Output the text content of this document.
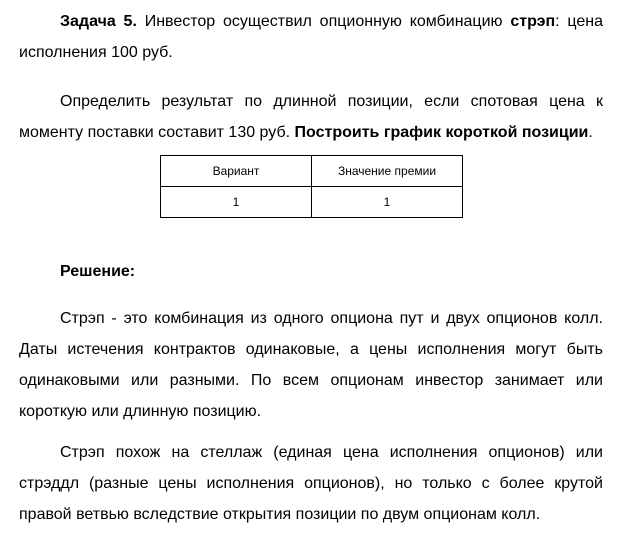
Задача 5. Инвестор осуществил опционную комбинацию стрэп: цена
исполнения 100 руб.
Определить результат по длинной позиции, если спотовая цена к
моменту поставки составит 130 руб. Построить график короткой позиции.
Вариант	Значение премии
1	1
Решение:
Стрэп - это комбинация из одного опциона пут и двух опционов колл.
Даты истечения контрактов одинаковые, а цены исполнения могут быть
одинаковыми или разными. По всем опционам инвестор занимает или
короткую или длинную позицию.
Стрэп похож на стеллаж (единая цена исполнения опционов) или
стрэддл (разные цены исполнения опционов), но только с более крутой
правой ветвью вследствие открытия позиции по двум опционам колл.
